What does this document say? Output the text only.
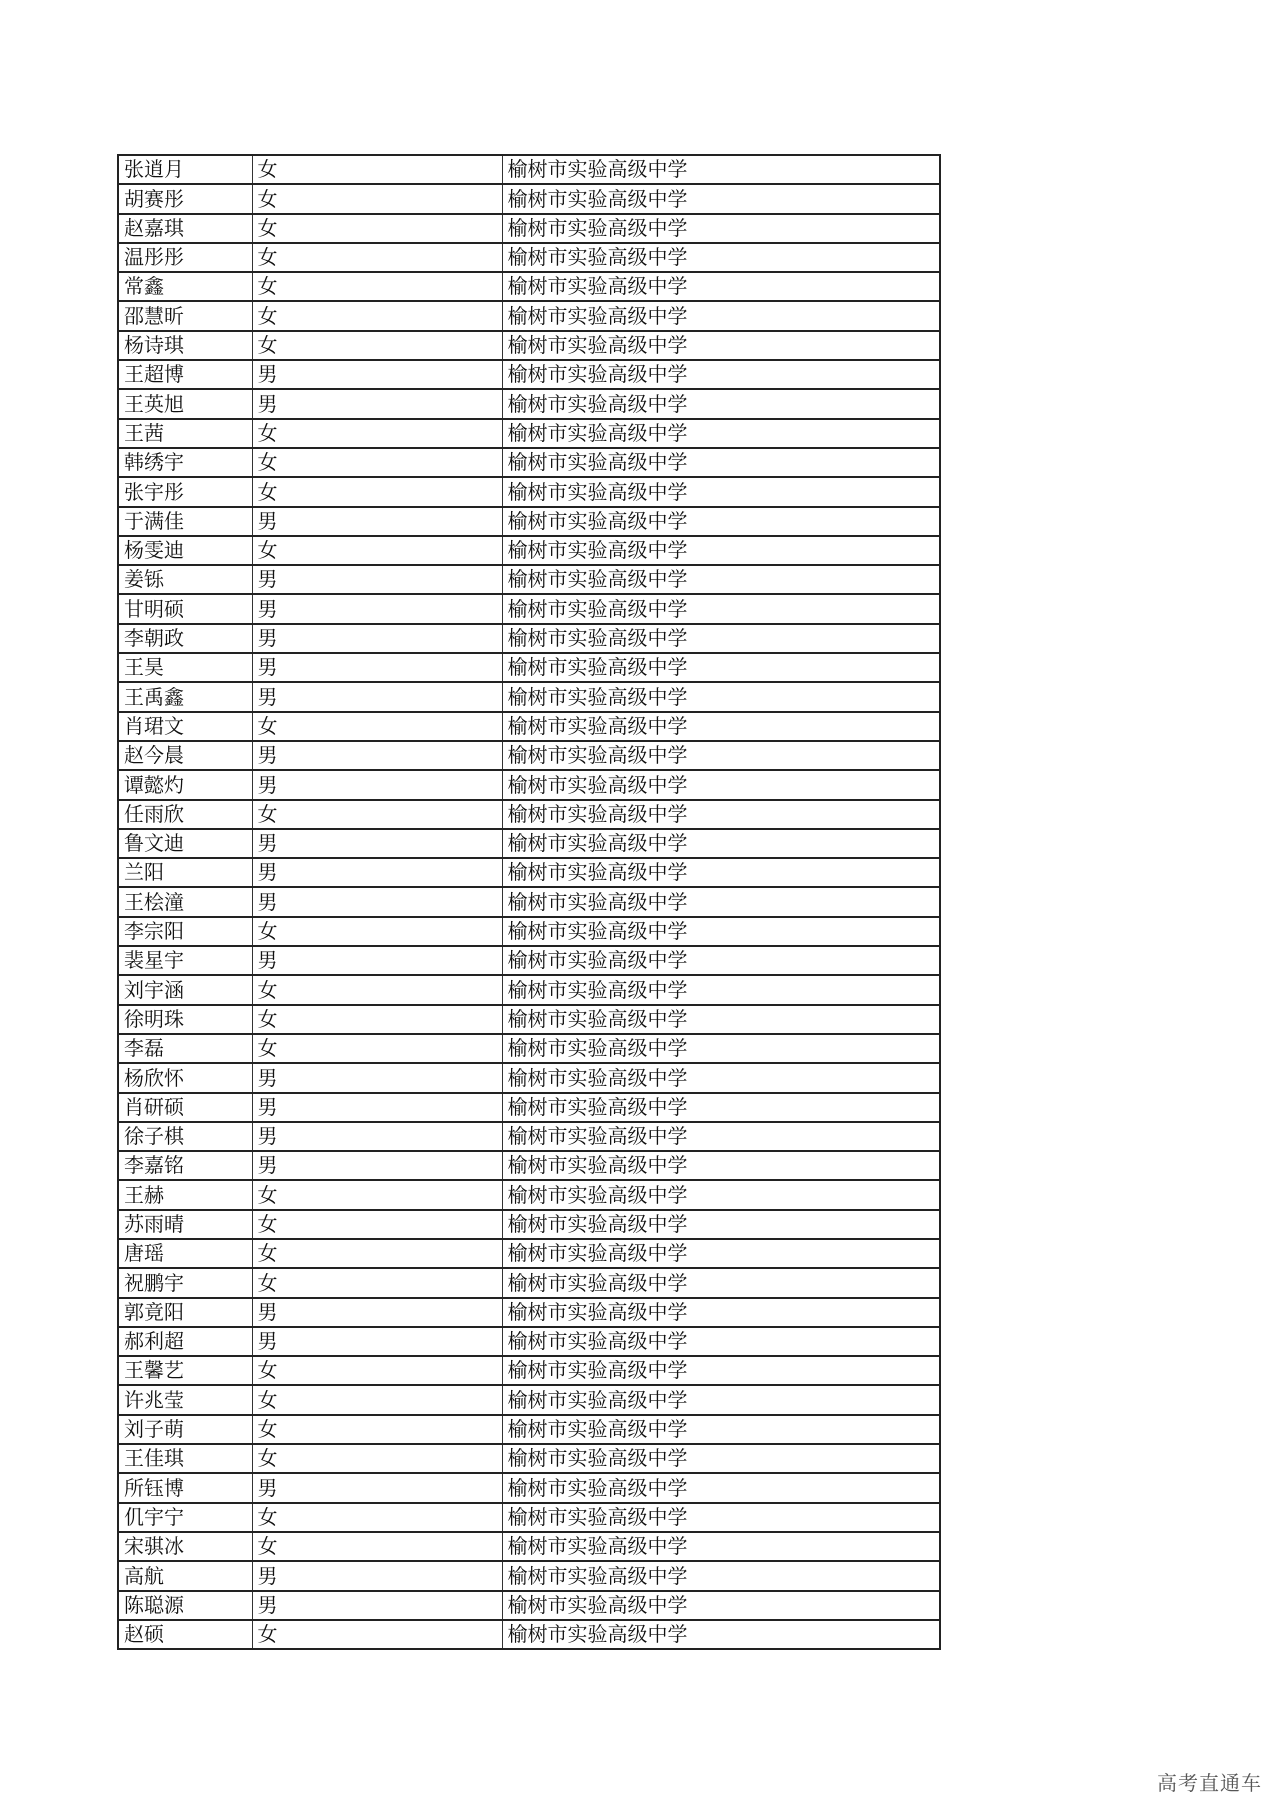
张逍月	女	榆树市实验高级中学
胡赛彤	女	榆树市实验高级中学
赵嘉琪	女	榆树市实验高级中学
温彤彤	女	榆树市实验高级中学
常鑫	女	榆树市实验高级中学
邵慧昕	女	榆树市实验高级中学
杨诗琪	女	榆树市实验高级中学
王超博	男	榆树市实验高级中学
王英旭	男	榆树市实验高级中学
王茜	女	榆树市实验高级中学
韩绣宇	女	榆树市实验高级中学
张宇彤	女	榆树市实验高级中学
于满佳	男	榆树市实验高级中学
杨雯迪	女	榆树市实验高级中学
姜铄	男	榆树市实验高级中学
甘明硕	男	榆树市实验高级中学
李朝政	男	榆树市实验高级中学
王昊	男	榆树市实验高级中学
王禹鑫	男	榆树市实验高级中学
肖珺文	女	榆树市实验高级中学
赵今晨	男	榆树市实验高级中学
谭懿灼	男	榆树市实验高级中学
任雨欣	女	榆树市实验高级中学
鲁文迪	男	榆树市实验高级中学
兰阳	男	榆树市实验高级中学
王桧潼	男	榆树市实验高级中学
李宗阳	女	榆树市实验高级中学
裴星宇	男	榆树市实验高级中学
刘宇涵	女	榆树市实验高级中学
徐明珠	女	榆树市实验高级中学
李磊	女	榆树市实验高级中学
杨欣怀	男	榆树市实验高级中学
肖研硕	男	榆树市实验高级中学
徐子棋	男	榆树市实验高级中学
李嘉铭	男	榆树市实验高级中学
王赫	女	榆树市实验高级中学
苏雨晴	女	榆树市实验高级中学
唐瑶	女	榆树市实验高级中学
祝鹏宇	女	榆树市实验高级中学
郭竟阳	男	榆树市实验高级中学
郝利超	男	榆树市实验高级中学
王馨艺	女	榆树市实验高级中学
许兆莹	女	榆树市实验高级中学
刘子萌	女	榆树市实验高级中学
王佳琪	女	榆树市实验高级中学
所钰博	男	榆树市实验高级中学
仉宇宁	女	榆树市实验高级中学
宋骐冰	女	榆树市实验高级中学
高航	男	榆树市实验高级中学
陈聪源	男	榆树市实验高级中学
赵硕	女	榆树市实验高级中学
高考直通车
